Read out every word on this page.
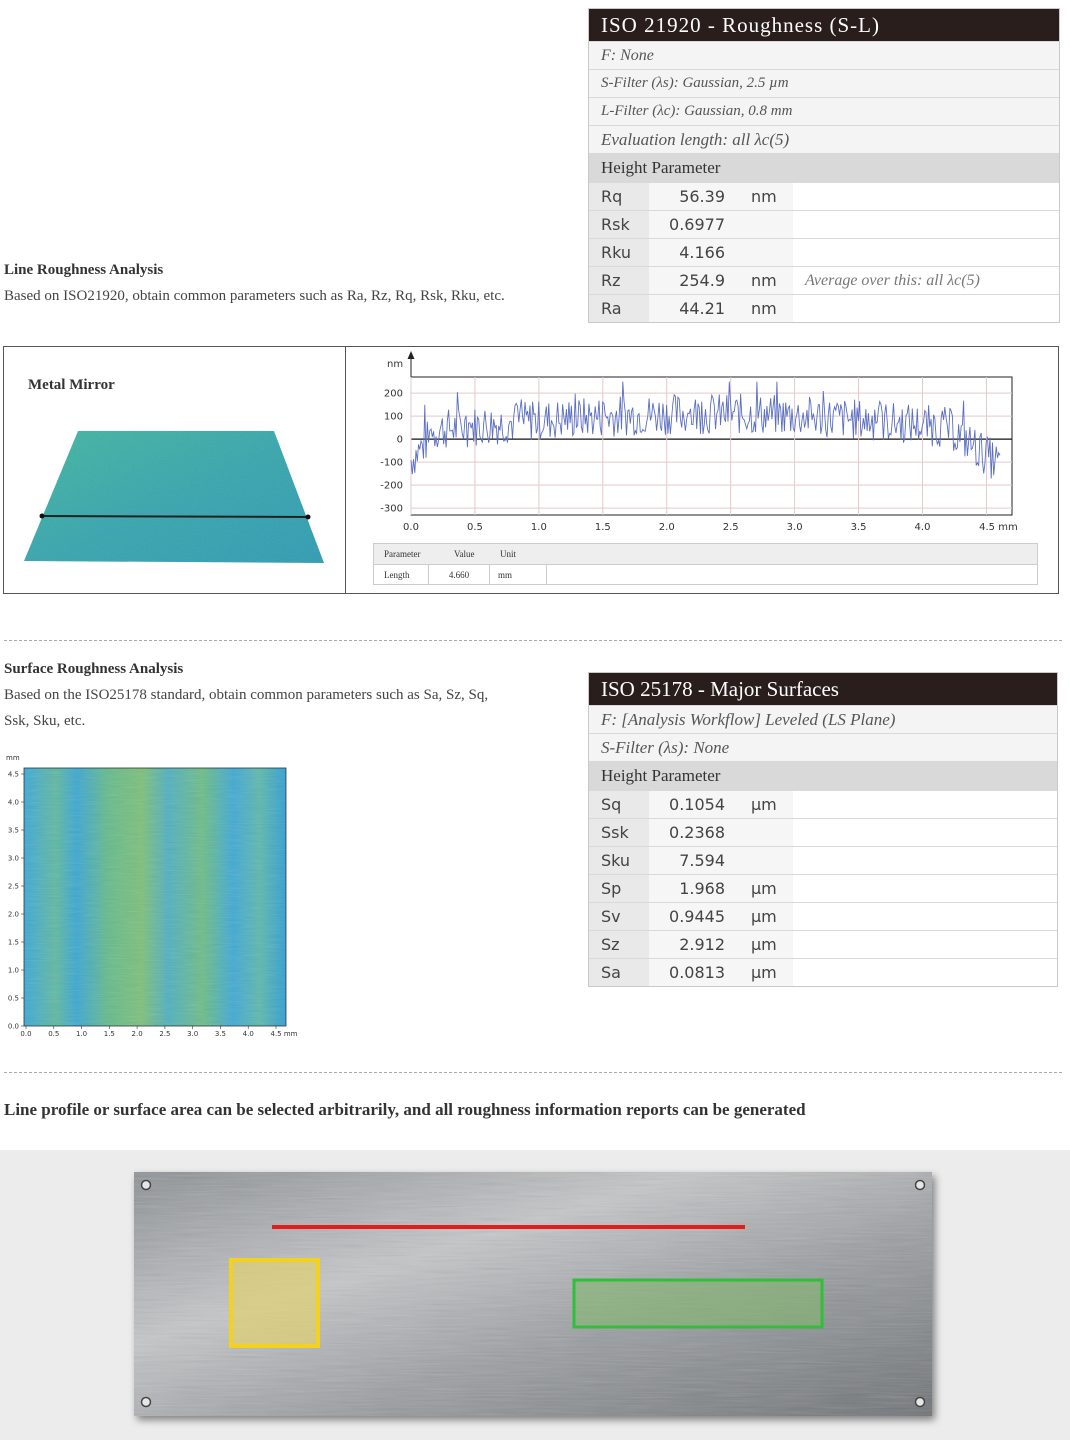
Line Roughness Analysis
Based on ISO21920, obtain common parameters such as Ra, Rz, Rq, Rsk, Rku, etc.
ISO 21920 - Roughness (S-L)
F: None
S-Filter (λs): Gaussian, 2.5 µm
L-Filter (λc): Gaussian, 0.8 mm
Evaluation length: all λc(5)
Height Parameter
Rq	56.39	nm
Rsk	0.6977
Rku	4.166
Rz	254.9	nm	Average over this: all λc(5)
Ra	44.21	nm
Metal Mirror
200
100
0
-100
-200
-300
0.0	0.5	1.0	1.5	2.0	2.5	3.0	3.5	4.0	4.5 mm
nm
Parameter	Value	Unit
Length	4.660	mm
Surface Roughness Analysis
Based on the ISO25178 standard, obtain common parameters such as Sa, Sz, Sq,
Ssk, Sku, etc.
mm
4.5
4.0
3.5
3.0
2.5
2.0
1.5
1.0
0.5
0.0
0.0 0.5 1.0 1.5 2.0 2.5 3.0 3.5 4.0 4.5 mm
ISO 25178 - Major Surfaces
F: [Analysis Workflow] Leveled (LS Plane)
S-Filter (λs): None
Height Parameter
Sq	0.1054	µm
Ssk	0.2368
Sku	7.594
Sp	1.968	µm
Sv	0.9445	µm
Sz	2.912	µm
Sa	0.0813	µm
Line profile or surface area can be selected arbitrarily, and all roughness information reports can be generated
